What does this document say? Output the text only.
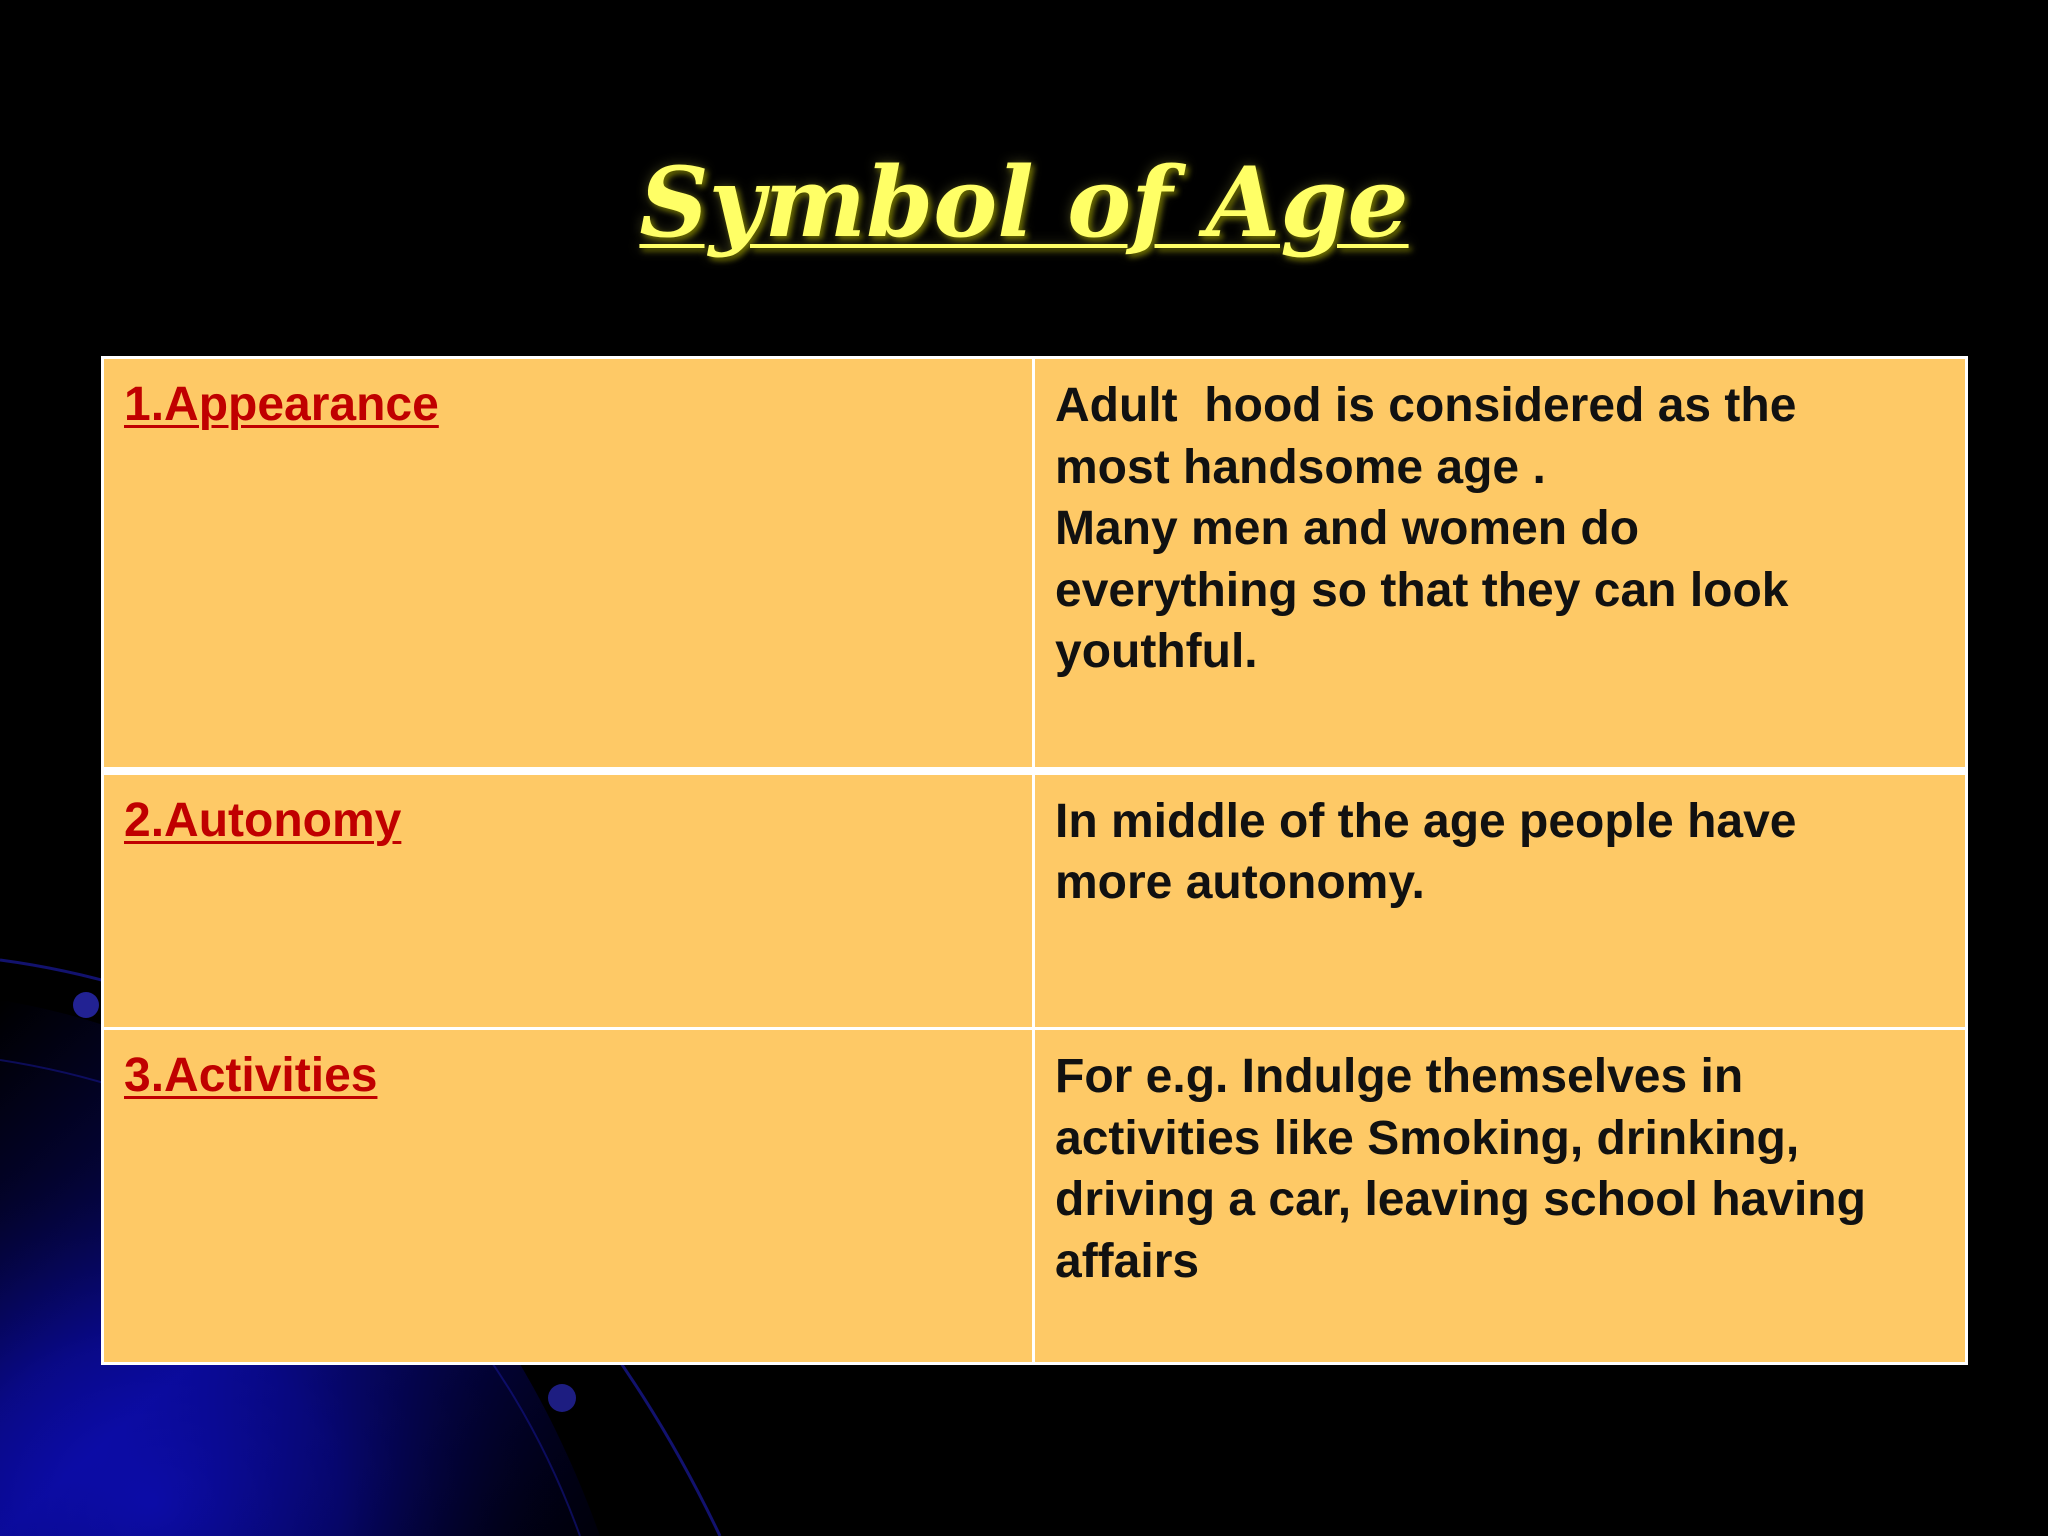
Symbol of Age
1.Appearance	Adult  hood is considered as the
most handsome age .
Many men and women do
everything so that they can look
youthful.

2.Autonomy	In middle of the age people have
more autonomy.

3.Activities	For e.g. Indulge themselves in
activities like Smoking, drinking,
driving a car, leaving school having
affairs
